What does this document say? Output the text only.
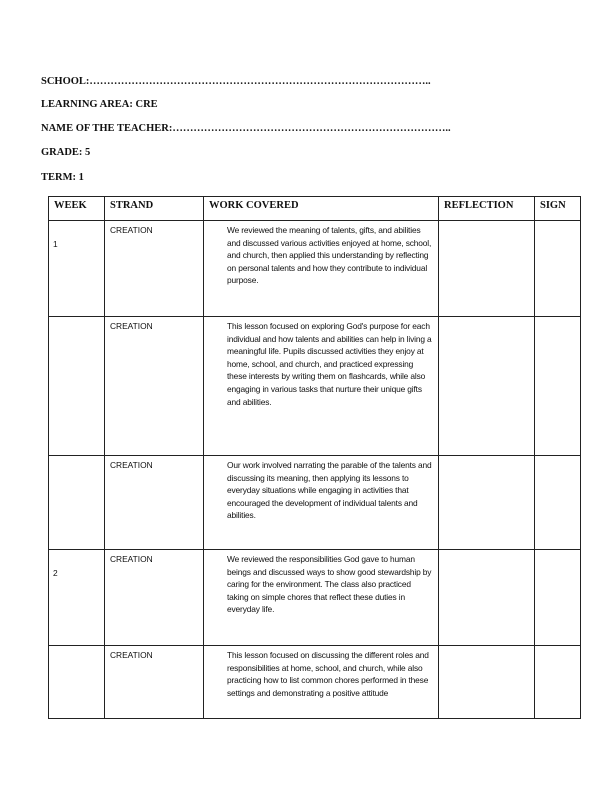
SCHOOL:……………………………………………………………………………………..
LEARNING AREA: CRE
NAME OF THE TEACHER:……………………………………………………………………..
GRADE: 5
TERM: 1
WEEK	STRAND	WORK COVERED	REFLECTION	SIGN
1	CREATION	We reviewed the meaning of talents, gifts, and abilities and discussed various activities enjoyed at home, school, and church, then applied this understanding by reflecting on personal talents and how they contribute to individual purpose.		
	CREATION	This lesson focused on exploring God's purpose for each individual and how talents and abilities can help in living a meaningful life. Pupils discussed activities they enjoy at home, school, and church, and practiced expressing these interests by writing them on flashcards, while also engaging in various tasks that nurture their unique gifts and abilities.		
	CREATION	Our work involved narrating the parable of the talents and discussing its meaning, then applying its lessons to everyday situations while engaging in activities that encouraged the development of individual talents and abilities.		
2	CREATION	We reviewed the responsibilities God gave to human beings and discussed ways to show good stewardship by caring for the environment. The class also practiced taking on simple chores that reflect these duties in everyday life.		
	CREATION	This lesson focused on discussing the different roles and responsibilities at home, school, and church, while also practicing how to list common chores performed in these settings and demonstrating a positive attitude		
